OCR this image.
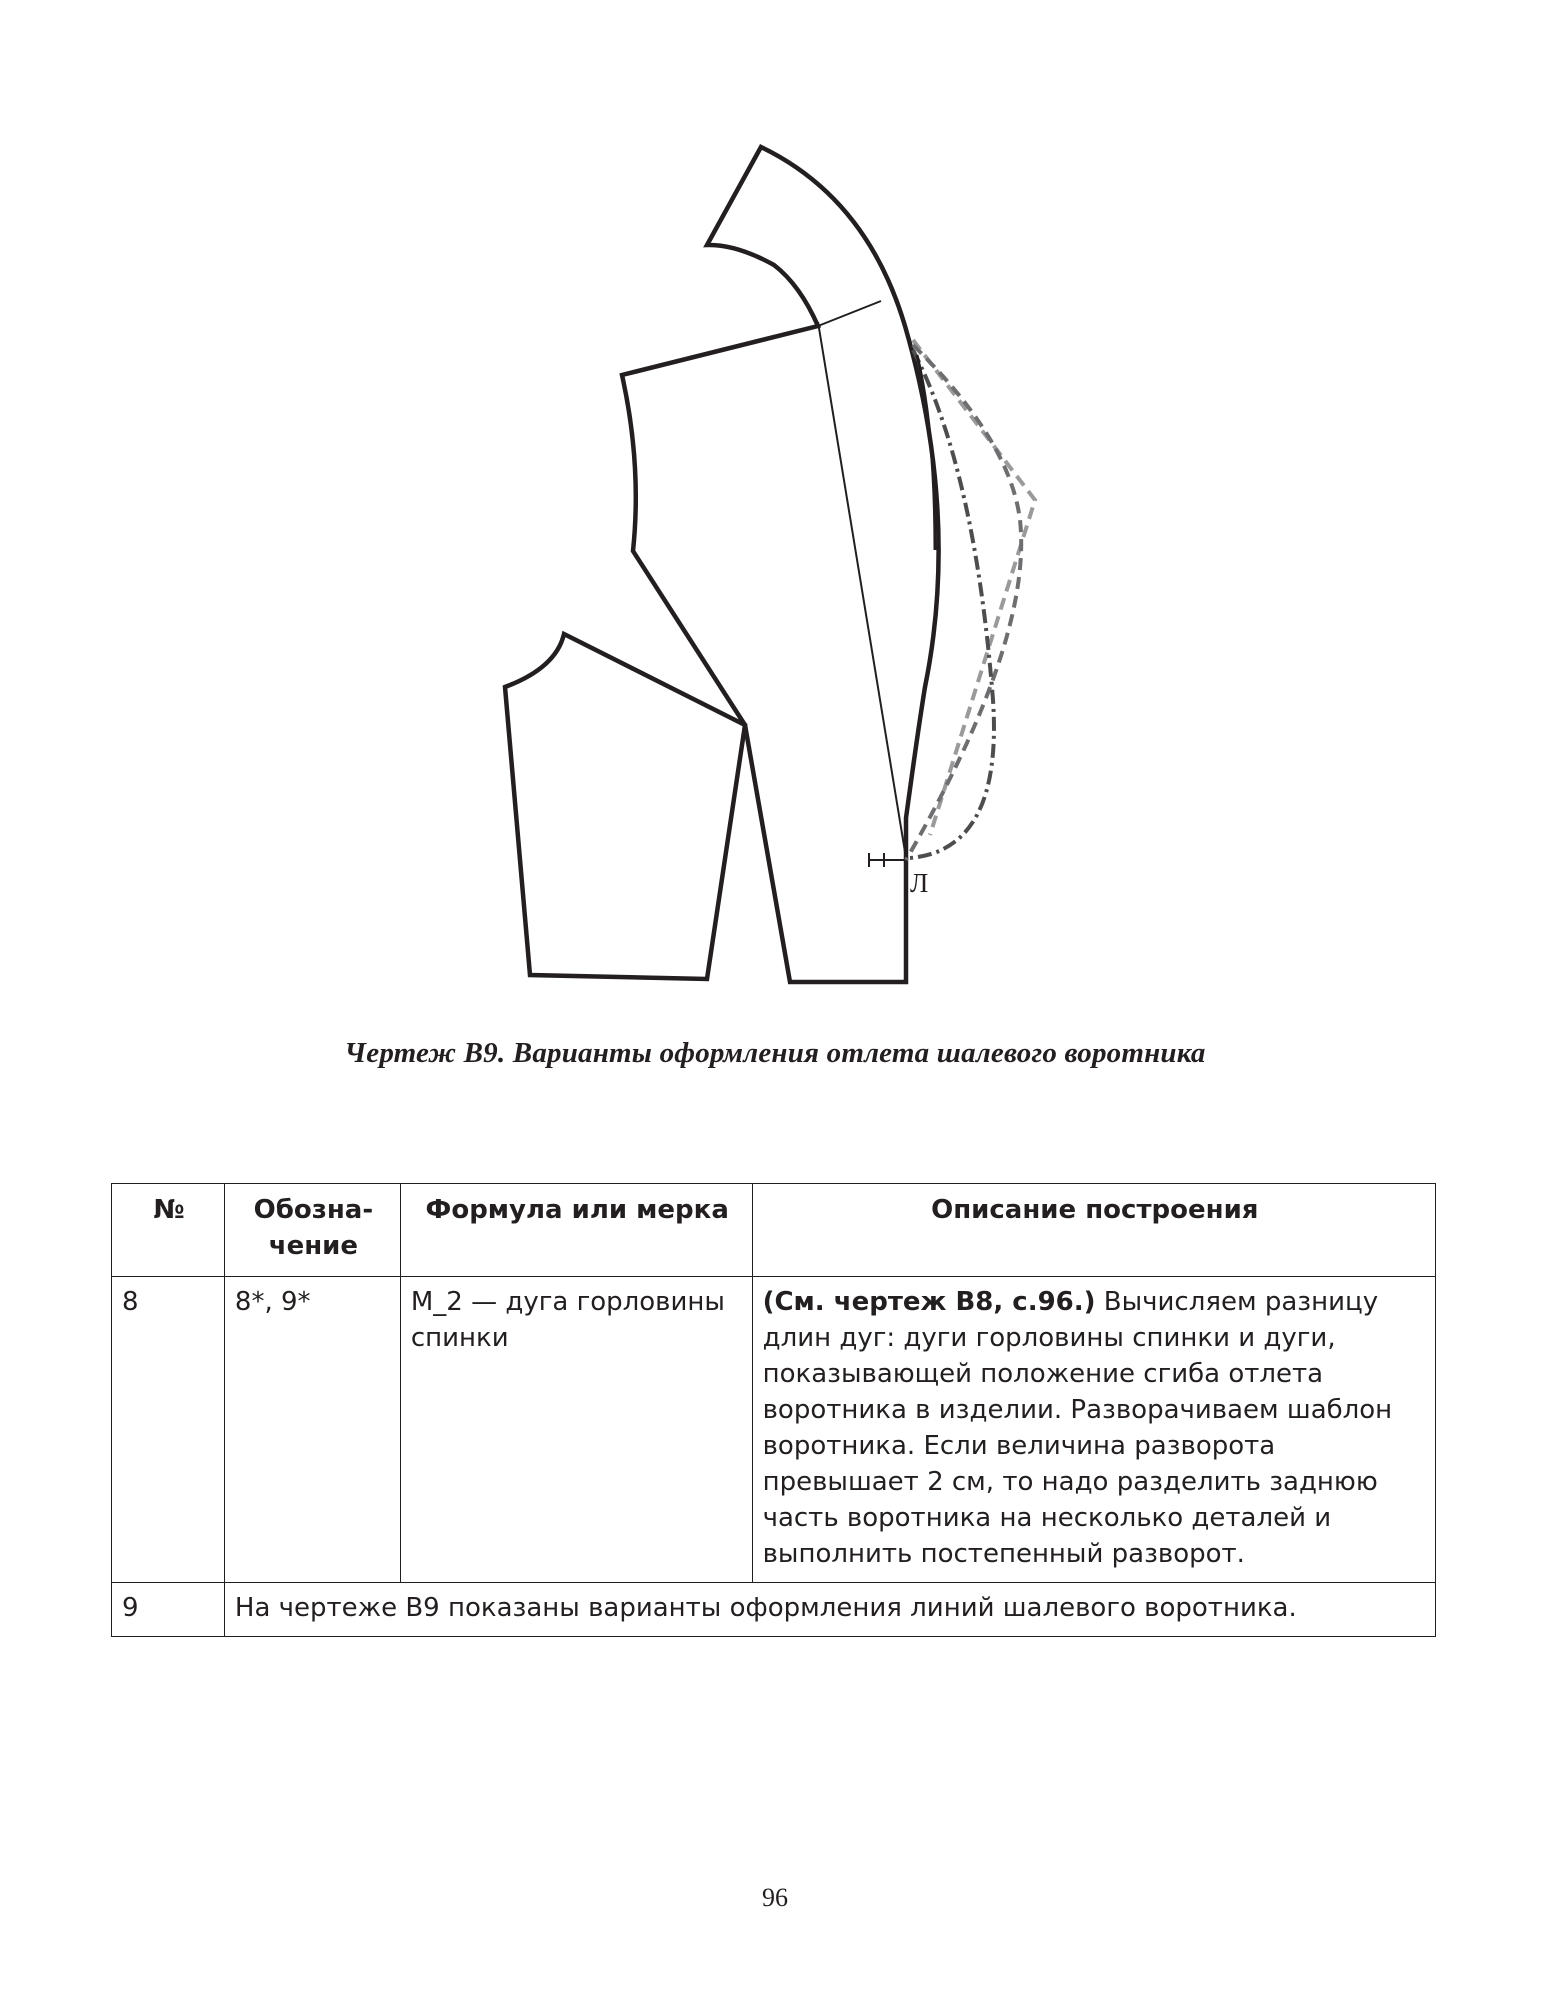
Л
Чертеж В9. Варианты оформления отлета шалевого воротника
№	Обозна-чение	Формула или мерка	Описание построения
8	8*, 9*	М_2 — дуга горловины спинки	(См. чертеж В8, с.96.) Вычисляем разницу длин дуг: дуги горловины спинки и дуги, показывающей положение сгиба отлета воротника в изделии. Разворачиваем шаблон воротника. Если величина разворота превышает 2 см, то надо разделить заднюю часть воротника на несколько деталей и выполнить постепенный разворот.
9	На чертеже В9 показаны варианты оформления линий шалевого воротника.		
96
